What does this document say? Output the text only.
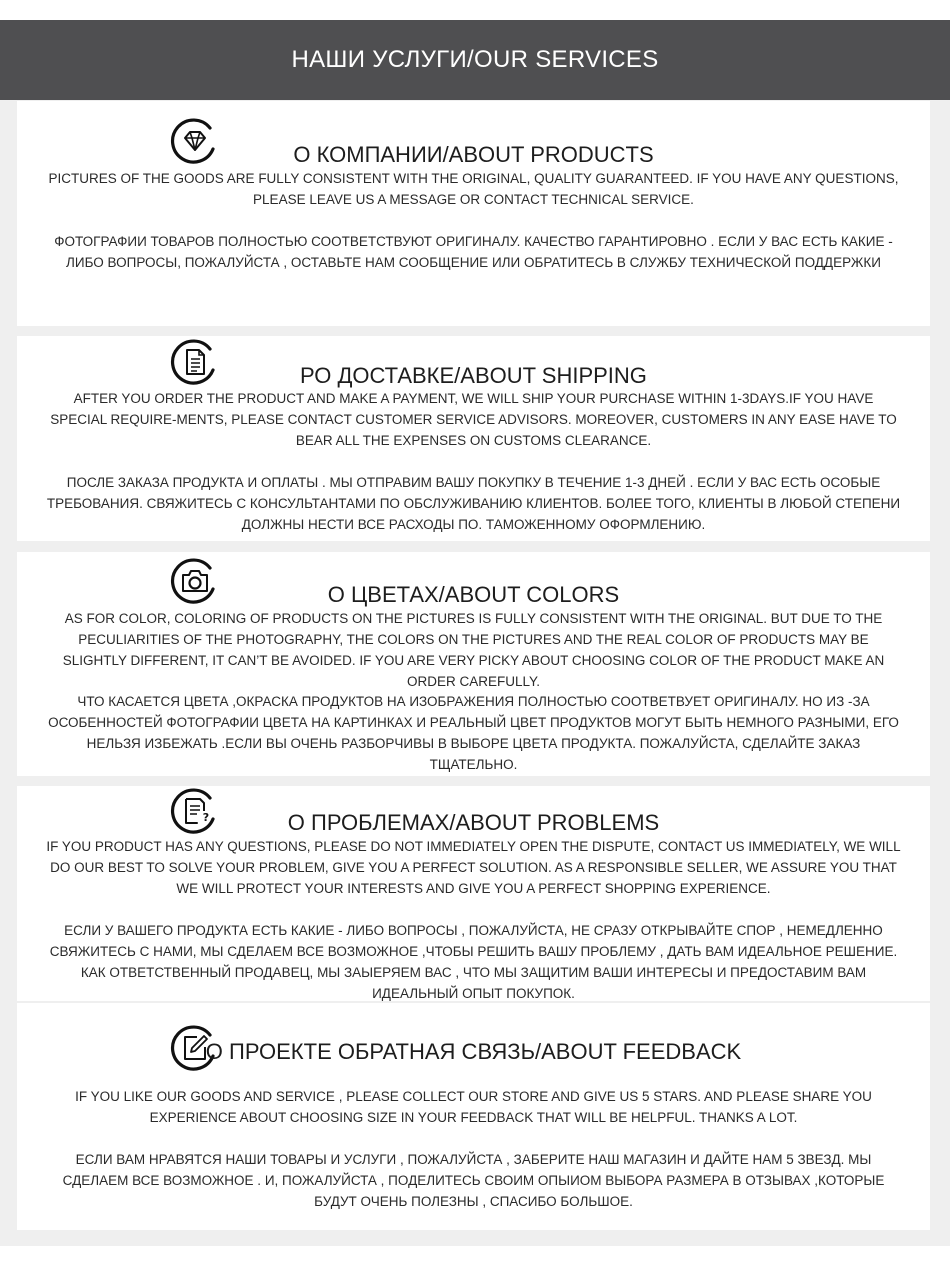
НАШИ УСЛУГИ/OUR SERVICES
О КОМПАНИИ/ABOUT PRODUCTS
PICTURES OF THE GOODS ARE FULLY CONSISTENT WITH THE ORIGINAL, QUALITY GUARANTEED. IF YOU HAVE ANY QUESTIONS, PLEASE LEAVE US A MESSAGE OR CONTACT TECHNICAL SERVICE.
ФОТОГРАФИИ ТОВАРОВ ПОЛНОСТЬЮ СООТВЕТСТВУЮТ ОРИГИНАЛУ. КАЧЕСТВО ГАРАНТИРОВНО . ЕСЛИ У ВАС ЕСТЬ КАКИЕ - ЛИБО ВОПРОСЫ, ПОЖАЛУЙСТА , ОСТАВЬТЕ НАМ СООБЩЕНИЕ ИЛИ ОБРАТИТЕСЬ В СЛУЖБУ ТЕХНИЧЕСКОЙ ПОДДЕРЖКИ
РО ДОСТАВКЕ/ABOUT SHIPPING
AFTER YOU ORDER THE PRODUCT AND MAKE A PAYMENT, WE WILL SHIP YOUR PURCHASE WITHIN 1-3DAYS.IF YOU HAVE SPECIAL REQUIRE-MENTS, PLEASE CONTACT CUSTOMER SERVICE ADVISORS. MOREOVER, CUSTOMERS IN ANY EASE HAVE TO BEAR ALL THE EXPENSES ON CUSTOMS CLEARANCE.
ПОСЛЕ ЗАКАЗА ПРОДУКТА И ОПЛАТЫ . МЫ ОТПРАВИМ ВАШУ ПОКУПКУ В ТЕЧЕНИЕ 1-3 ДНЕЙ . ЕСЛИ У ВАС ЕСТЬ ОСОБЫЕ ТРЕБОВАНИЯ. СВЯЖИТЕСЬ С КОНСУЛЬТАНТАМИ ПО ОБСЛУЖИВАНИЮ КЛИЕНТОВ. БОЛЕЕ ТОГО, КЛИЕНТЫ В ЛЮБОЙ СТЕПЕНИ ДОЛЖНЫ НЕСТИ ВСЕ РАСХОДЫ ПО. ТАМОЖЕННОМУ ОФОРМЛЕНИЮ.
О ЦВЕТАХ/ABOUT COLORS
AS FOR COLOR, COLORING OF PRODUCTS ON THE PICTURES IS FULLY CONSISTENT WITH THE ORIGINAL. BUT DUE TO THE PECULIARITIES OF THE PHOTOGRAPHY, THE COLORS ON THE PICTURES AND THE REAL COLOR OF PRODUCTS MAY BE SLIGHTLY DIFFERENT, IT CAN’T BE AVOIDED. IF YOU ARE VERY PICKY ABOUT CHOOSING COLOR OF THE PRODUCT MAKE AN ORDER CAREFULLY.
ЧТО КАСАЕТСЯ ЦВЕТА ,ОКРАСКА ПРОДУКТОВ НА ИЗОБРАЖЕНИЯ ПОЛНОСТЬЮ СООТВЕТВУЕТ ОРИГИНАЛУ. НО ИЗ -ЗА ОСОБЕННОСТЕЙ ФОТОГРАФИИ ЦВЕТА НА КАРТИНКАХ И РЕАЛЬНЫЙ ЦВЕТ ПРОДУКТОВ МОГУТ БЫТЬ НЕМНОГО РАЗНЫМИ, ЕГО НЕЛЬЗЯ ИЗБЕЖАТЬ .ЕСЛИ ВЫ ОЧЕНЬ РАЗБОРЧИВЫ В ВЫБОРЕ ЦВЕТА ПРОДУКТА. ПОЖАЛУЙСТА, СДЕЛАЙТЕ ЗАКАЗ ТЩАТЕЛЬНО.
?	О ПРОБЛЕМАХ/ABOUT PROBLEMS
IF YOU PRODUCT HAS ANY QUESTIONS, PLEASE DO NOT IMMEDIATELY OPEN THE DISPUTE, CONTACT US IMMEDIATELY, WE WILL DO OUR BEST TO SOLVE YOUR PROBLEM, GIVE YOU A PERFECT SOLUTION. AS A RESPONSIBLE SELLER, WE ASSURE YOU THAT WE WILL PROTECT YOUR INTERESTS AND GIVE YOU A PERFECT SHOPPING EXPERIENCE.
ЕСЛИ У ВАШЕГО ПРОДУКТА ЕСТЬ КАКИЕ - ЛИБО ВОПРОСЫ , ПОЖАЛУЙСТА, НЕ СРАЗУ ОТКРЫВАЙТЕ СПОР , НЕМЕДЛЕННО СВЯЖИТЕСЬ С НАМИ, МЫ СДЕЛАЕМ ВСЕ ВОЗМОЖНОЕ ,ЧТОБЫ РЕШИТЬ ВАШУ ПРОБЛЕМУ , ДАТЬ ВАМ ИДЕАЛЬНОЕ РЕШЕНИЕ. КАК ОТВЕТСТВЕННЫЙ ПРОДАВЕЦ, МЫ ЗАЫЕРЯЕМ ВАС , ЧТО МЫ ЗАЩИТИМ ВАШИ ИНТЕРЕСЫ И ПРЕДОСТАВИМ ВАМ ИДЕАЛЬНЫЙ ОПЫТ ПОКУПОК.
О ПРОЕКТЕ ОБРАТНАЯ СВЯЗЬ/ABOUT FEEDBACK
IF YOU LIKE OUR GOODS AND SERVICE , PLEASE COLLECT OUR STORE AND GIVE US 5 STARS. AND PLEASE SHARE YOU EXPERIENCE ABOUT CHOOSING SIZE IN YOUR FEEDBACK THAT WILL BE HELPFUL. THANKS A LOT.
ЕСЛИ ВАМ НРАВЯТСЯ НАШИ ТОВАРЫ И УСЛУГИ , ПОЖАЛУЙСТА , ЗАБЕРИТЕ НАШ МАГАЗИН И ДАЙТЕ НАМ 5 ЗВЕЗД. МЫ СДЕЛАЕМ ВСЕ ВОЗМОЖНОЕ . И, ПОЖАЛУЙСТА , ПОДЕЛИТЕСЬ СВОИМ ОПЫИОМ ВЫБОРА РАЗМЕРА В ОТЗЫВАХ ,КОТОРЫЕ БУДУТ ОЧЕНЬ ПОЛЕЗНЫ , СПАСИБО БОЛЬШОЕ.
